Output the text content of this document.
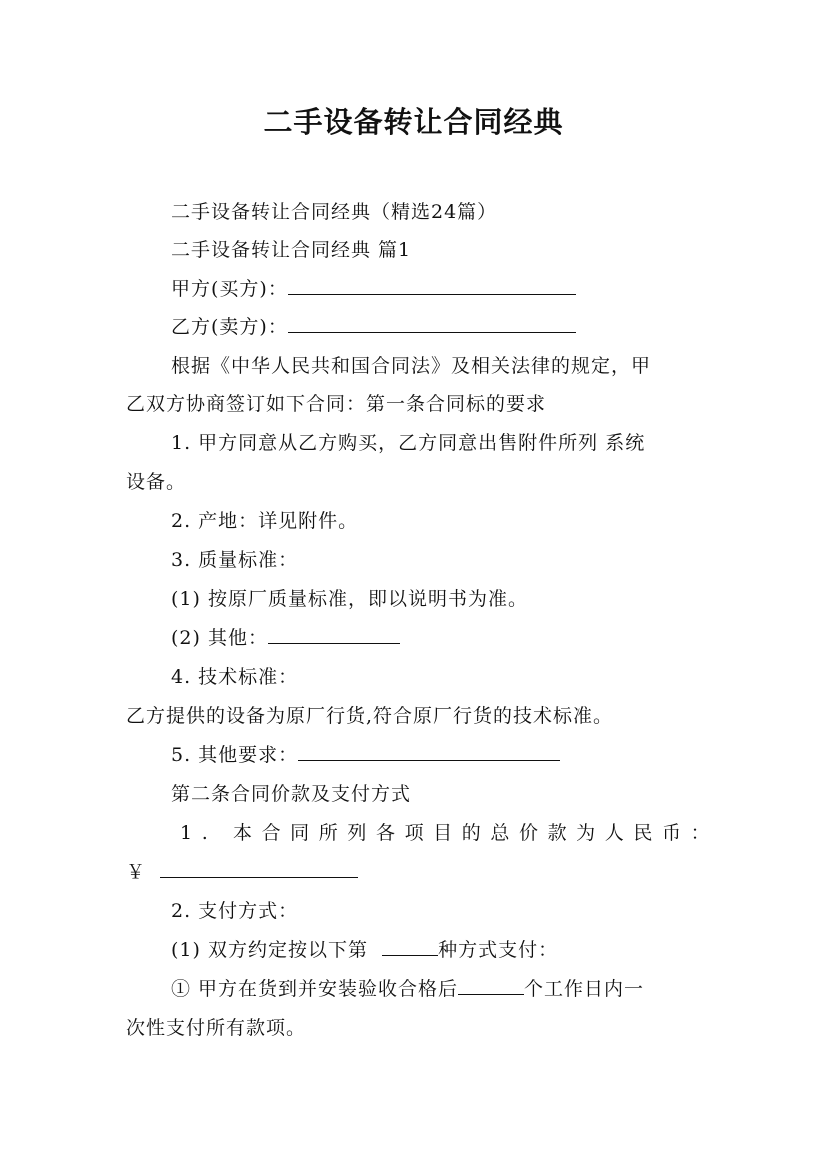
二手设备转让合同经典
二手设备转让合同经典（精选24篇）
二手设备转让合同经典 篇1
甲方(买方)：
乙方(卖方)：
根据《中华人民共和国合同法》及相关法律的规定，甲
乙双方协商签订如下合同：第一条合同标的要求
1. 甲方同意从乙方购买，乙方同意出售附件所列 系统
设备。
2. 产地：详见附件。
3. 质量标准：
(1) 按原厂质量标准，即以说明书为准。
(2) 其他：
4. 技术标准：
乙方提供的设备为原厂行货,符合原厂行货的技术标准。
5. 其他要求：
第二条合同价款及支付方式
1. 本合同所列各项目的总价款为人民币：
￥
2. 支付方式：
(1) 双方约定按以下第	种方式支付：
① 甲方在货到并安装验收合格后	个工作日内一
次性支付所有款项。
